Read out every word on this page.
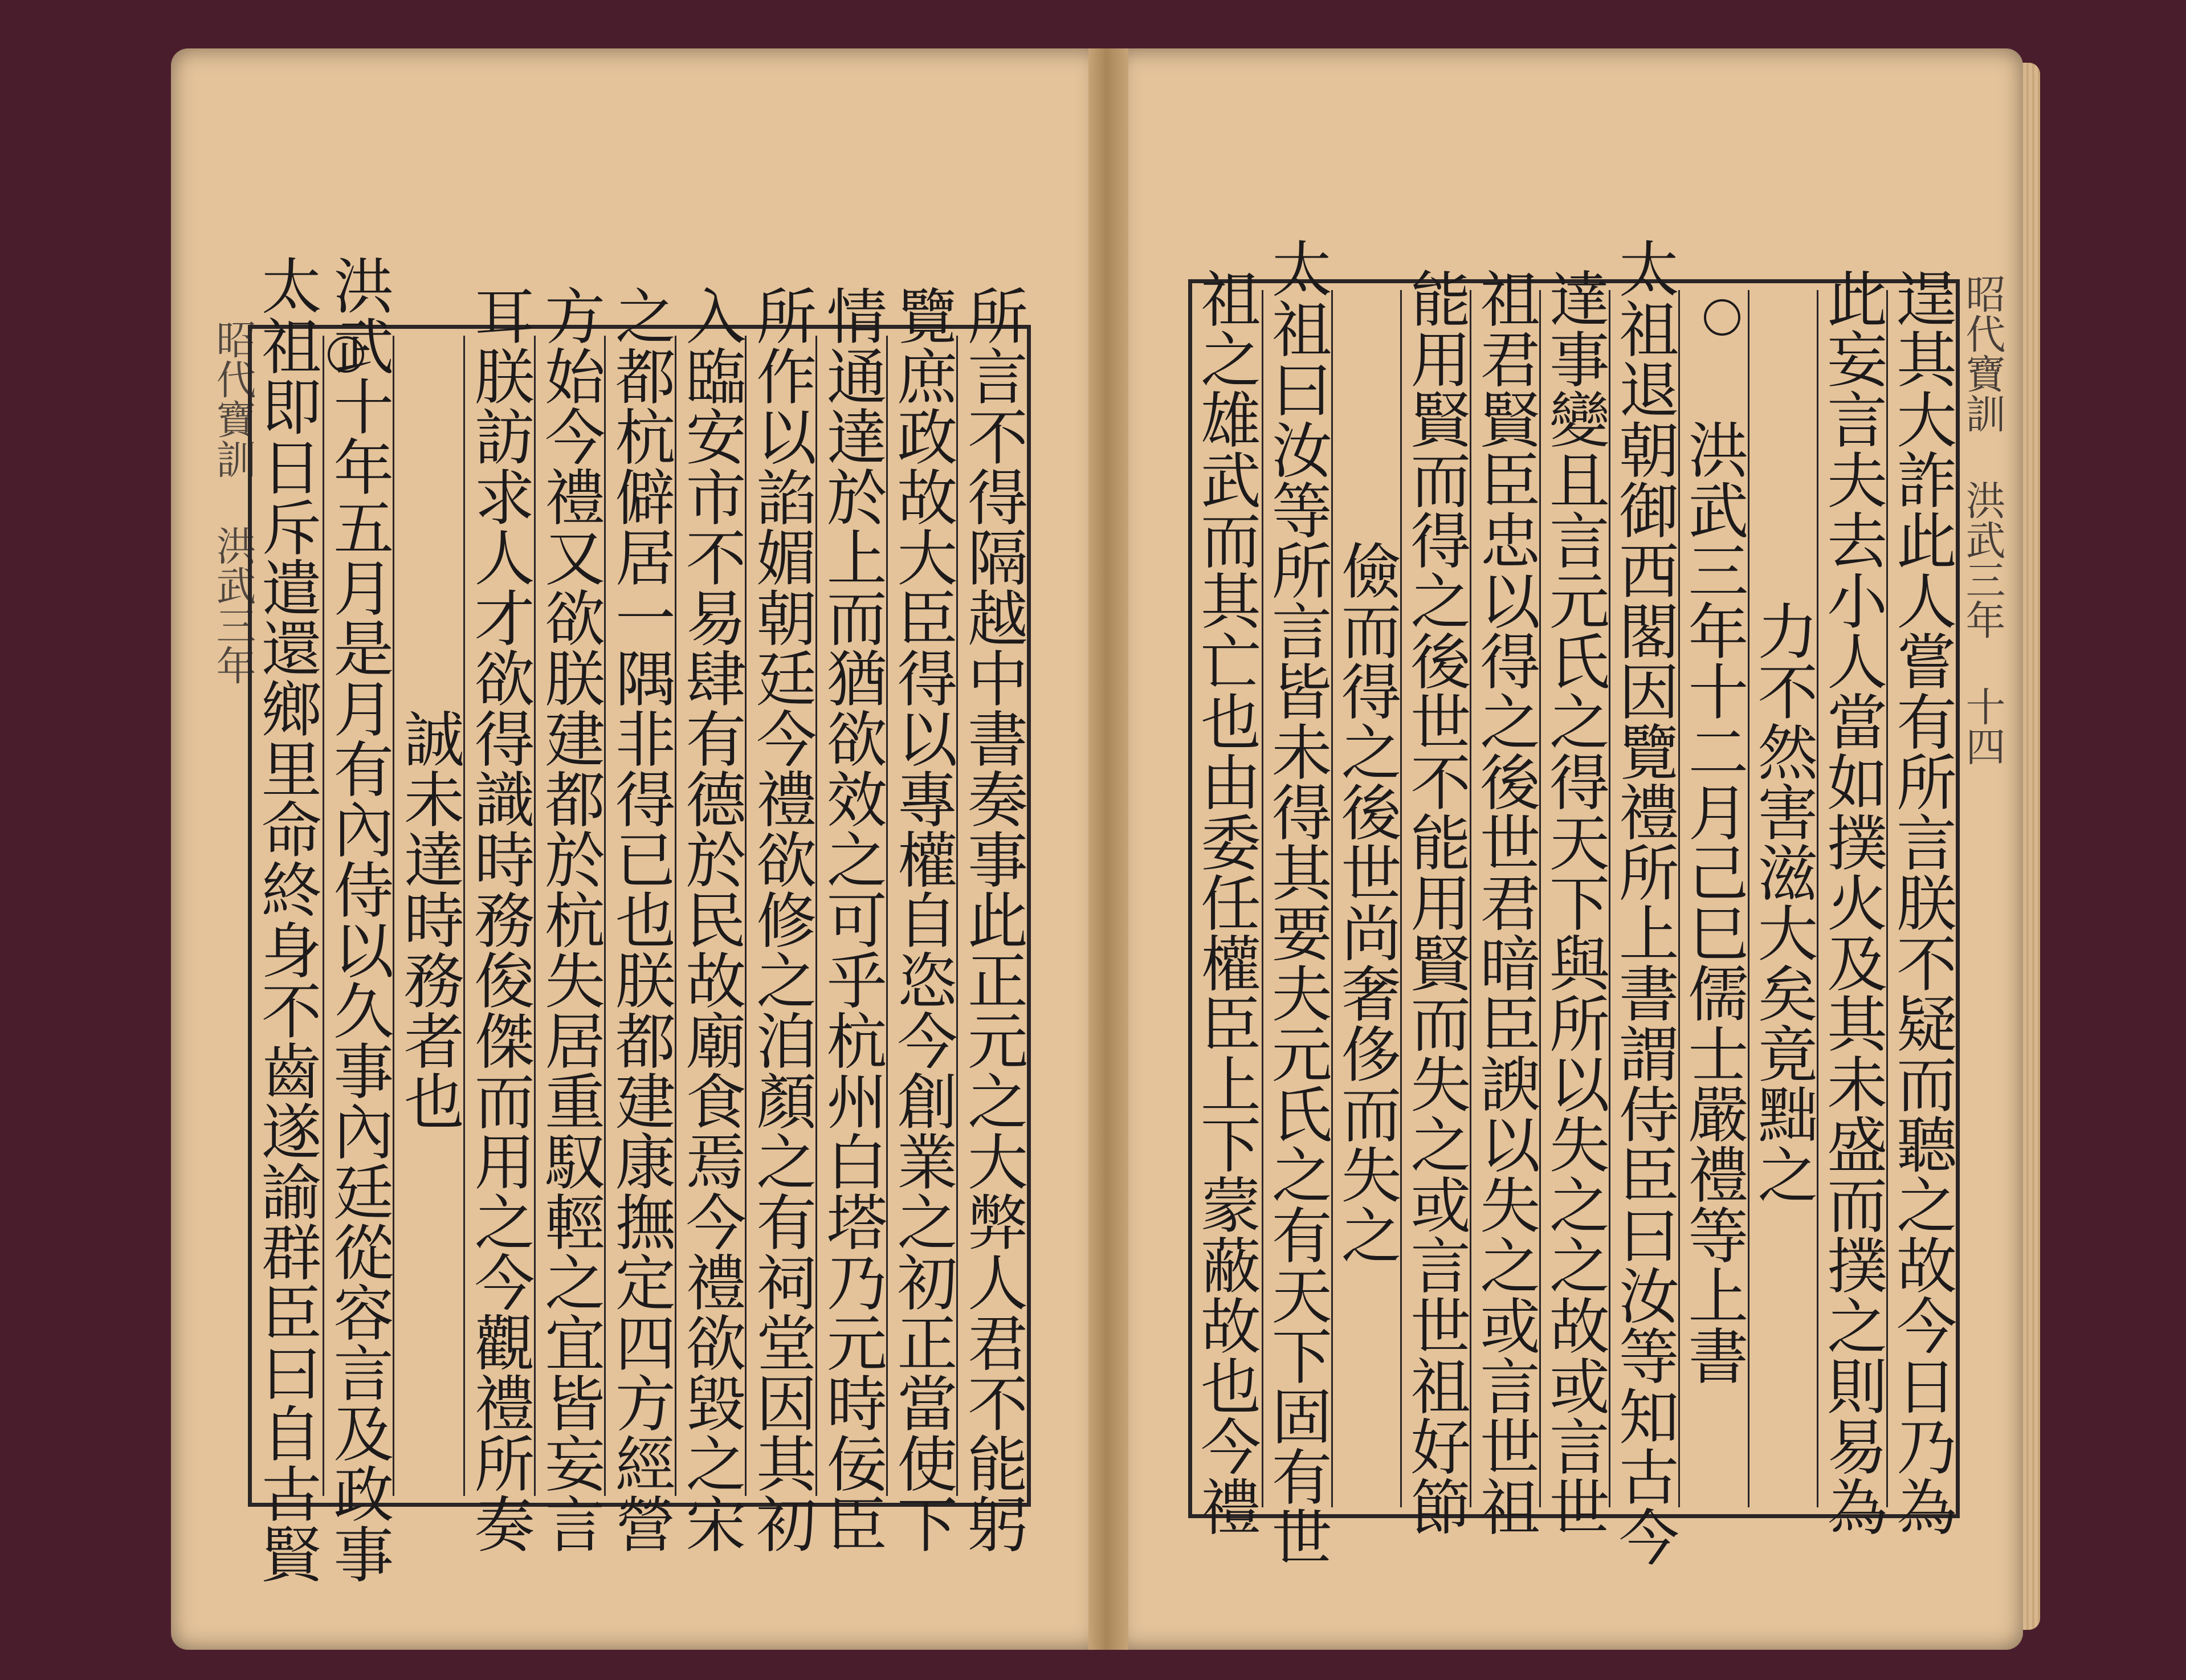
昭代寶訓 洪武三年	昭代寶訓 洪武三年 十四
所言不得隔越中書奏事此正元之大弊人君不能躬
覽庶政故大臣得以專權自恣今創業之初正當使下
情通達於上而猶欲效之可乎杭州白塔乃元時佞臣
所作以諂媚朝廷今禮欲修之洎顏之有祠堂因其初
入臨安市不易肆有德於民故廟食焉今禮欲毀之宋
之都杭僻居一隅非得已也朕都建康撫定四方經營
方始今禮又欲朕建都於杭失居重馭輕之宜皆妄言
耳朕訪求人才欲得識時務俊傑而用之今觀禮所奏
誠未達時務者也
洪武十年五月是月有內侍以久事內廷從容言及政事
太祖即日斥遣還鄉里命終身不齒遂諭群臣曰自古賢	逞其大詐此人嘗有所言朕不疑而聽之故今日乃為
此妄言夫去小人當如撲火及其未盛而撲之則易為
力不然害滋大矣竟黜之
洪武三年十二月己巳儒士嚴禮等上書
太祖退朝御西閣因覽禮所上書謂侍臣曰汝等知古今
達事變且言元氏之得天下與所以失之之故或言世
祖君賢臣忠以得之後世君暗臣諛以失之或言世祖
能用賢而得之後世不能用賢而失之或言世祖好節
儉而得之後世尚奢侈而失之
太祖曰汝等所言皆未得其要夫元氏之有天下固有世
祖之雄武而其亡也由委任權臣上下蒙蔽故也今禮
